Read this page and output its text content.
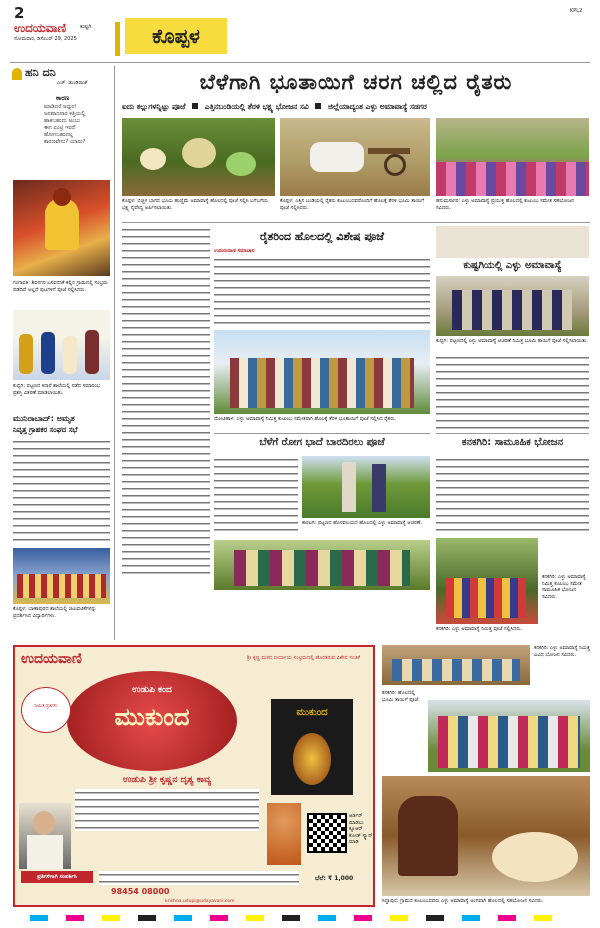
2
ಉದಯವಾಣಿ	ಕುಷ್ಟಗಿ
ಸೋಮವಾರ, ಡಿಸೆಂಬರ್ 29, 2025	ಕೊಪ್ಪಳ
KPL2
ಹನಿ ದನಿ
ಎಚ್. ಡುಂಡಿರಾಜ್
ಕಾರಣ
ಮಾಡಿದರೆ ಅಧ್ವರ!
ಜನಪಾದನಾರ ಕತ್ತಿಯಲ್ಲಿ
ಹಾಕಬಹುದು ಅಂಬು
ಈಗ ಏಂಟ್ರಿ ಇರದೆ
ಹೋಗಬಹುದಲ್ಲ
ಕಾರಣವೇನು? ಯಾರು?
ಗಂಗಾವತಿ: ಶಿವನಗರ ಬಸವನನಿಕೆ ಕಲ್ಲಿನ ಗ್ರಾಮದಲ್ಲಿ ಸಂಭ್ರಮ ಪಡೆದಿದೆ ಅಲ್ಲದೆ ಪುಟಗಳಿಗೆ ಪೂಜೆ ಸಲ್ಲಿಸಿದರು.
ಕುಷ್ಟಗಿ: ಪಟ್ಟಣದ ಕಿನಾರೆ ಶಾಲೆಯಲ್ಲಿ ನಡೆದ ಸಮಾರಂಭ ಪ್ರಶಸ್ತಿ ವಿತರಣೆ ಮಾಡಲಾಯಿತು.
ಮುನಿರಾಬಾದ್: ಅಮೃತ
ನಿವೃತ್ತ ಗ್ರಾಹಕರ ಸಂಘದ ಸಭೆ
ಕೊಪ್ಪಳ: ಬಾಣಾಪುರದ ಶಾಲೆಯಲ್ಲಿ ಚಟುವಟಿಕೆಗಳನ್ನು ಪ್ರದರ್ಶಿಸಿದ ವಿದ್ಯಾರ್ಥಿಗಳು.
ಬೆಳೆಗಾಗಿ ಭೂತಾಯಿಗೆ ಚರಗ ಚಲ್ಲಿದ ರೈತರು
ಐದು ಕಲ್ಲುಗಳನ್ನಿಟ್ಟು ಪೂಜೆ	ಎತ್ತಿನಬಂಡಿಯಲ್ಲಿ ತೆರಳಿ ಭಕ್ಷ್ಯ ಭೋಜನ ಸವಿ	ಜಿಲ್ಲೆಯಾದ್ಯಂತ ಎಳ್ಳು ಅಮಾವಾಸ್ಯೆ ಸಡಗರ
ಕೊಪ್ಪಳ: ಬಿಚ್ಚಳ ಭಾಗದ ಭೂಮಿ ಹುಣ್ಣಿಮೆ ಅಮಾವಾಸ್ಯೆ ಹೊಲದಲ್ಲಿ ಪೂಜೆ ಸಲ್ಲಿಸಿ ಬಗೆಬಗೆಯ ಭಕ್ಷ್ಯ ನೈವೇದ್ಯ ಅರ್ಪಿಸಲಾಯಿತು.
ಕೊಪ್ಪಳ: ಎತ್ತಿನ ಬಂಡಿಯಲ್ಲಿ ರೈತರು ಕುಟುಂಬದವರೊಂದಿಗೆ ಹೊಲಕ್ಕೆ ತೆರಳಿ ಭೂಮಿ ತಾಯಿಗೆ ಪೂಜೆ ಸಲ್ಲಿಸಿದರು.
ಹನುಮಸಾಗರ: ಎಳ್ಳು ಅಮಾವಾಸ್ಯೆ ಪ್ರಯುಕ್ತ ಹೊಲದಲ್ಲಿ ಕುಟುಂಬ ಸಮೇತ ಸಹಭೋಜನ ಸವಿದರು.
ರೈತರಿಂದ ಹೊಲದಲ್ಲಿ ವಿಶೇಷ ಪೂಜೆ
ಉದಯವಾಣಿ ಸಮಾಚಾರ
ದೋಟಿಹಾಳ: ಎಳ್ಳು ಅಮಾವಾಸ್ಯೆ ನಿಮಿತ್ತ ಕುಟುಂಬ ಸಮೇತರಾಗಿ ಹೊಲಕ್ಕೆ ತೆರಳಿ ಭೂತಾಯಿಗೆ ಪೂಜೆ ಸಲ್ಲಿಸಿದ ರೈತರು.
ಕುಷ್ಟಗಿಯಲ್ಲಿ ಎಳ್ಳು ಅಮಾವಾಸ್ಯೆ
ಕುಷ್ಟಗಿ: ಪಟ್ಟಣದಲ್ಲಿ ಎಳ್ಳು ಅಮಾವಾಸ್ಯೆ ಆಚರಣೆ ನಿಮಿತ್ತ ಭೂಮಿ ತಾಯಿಗೆ ಪೂಜೆ ಸಲ್ಲಿಸಲಾಯಿತು.
ಬೆಳೆಗೆ ರೋಗ ಭಾದೆ ಬಾರದಿರಲು ಪೂಜೆ
ಕಾರಟಗಿ: ಪಟ್ಟಣದ ಹೊರವಲಯದ ಹೊಲದಲ್ಲಿ ಎಳ್ಳು ಅಮಾವಾಸ್ಯೆ ಆಚರಣೆ.
ಕನಕಗಿರಿ: ಸಾಮೂಹಿಕ ಭೋಜನ
ಕನಕಗಿರಿ: ಎಳ್ಳು ಅಮಾವಾಸ್ಯೆ ನಿಮಿತ್ತ ಕುಟುಂಬ ಸಮೇತ ಸಾಮೂಹಿಕ ಭೋಜನ ಸವಿದರು.
ಕನಕಗಿರಿ: ಎಳ್ಳು ಅಮಾವಾಸ್ಯೆ ನಿಮಿತ್ತ ಪೂಜೆ ಸಲ್ಲಿಸಿದರು.
ಉದಯವಾಣಿ
ಉಡುಪಿ ಕಂದ
ಮುಕುಂದ
ಸೀಮಿತ ಪ್ರತಿಗಳು
ಶ್ರೀ ಕೃಷ್ಣ ಮಠದ ಪರ್ಯಾಯ ಸಂಭ್ರಮದಲ್ಲಿ ಹೊರತರುವ ವಿಶೇಷ ಸಂಚಿಕೆ
ಮುಕುಂದ
ಉಡುಪಿ ಶ್ರೀ ಕೃಷ್ಣನ ದೃಶ್ಯ ಕಾವ್ಯ
ಆರ್ಡರ್ ಮಾಡಲು ಕ್ಯೂಆರ್ ಕೋಡ್ ಸ್ಕ್ಯಾನ್ ಮಾಡಿ
ಪ್ರತಿಗಳಿಗಾಗಿ ಸಂಪರ್ಕಿಸಿ	ಬೆಲೆ: ₹ 1,000
98454 08000
krishna.udupi@udayavani.com
ಕನಕಗಿರಿ: ಎಳ್ಳು ಅಮಾವಾಸ್ಯೆ ನಿಮಿತ್ತ ವಿವಿಧ ಭೋಜನ ಸವಿದರು.
ಕನಕಗಿರಿ: ಹೊಲದಲ್ಲಿ ಭೂಮಿ ತಾಯಿಗೆ ಪೂಜೆ.
ಸಿದ್ದಾಪುರ: ಗ್ರಾಮದ ಕುಟುಂಬದವರು ಎಳ್ಳು ಅಮಾವಾಸ್ಯೆ ಅಂಗವಾಗಿ ಹೊಲದಲ್ಲಿ ಸಹಭೋಜನ ಸವಿದರು.
